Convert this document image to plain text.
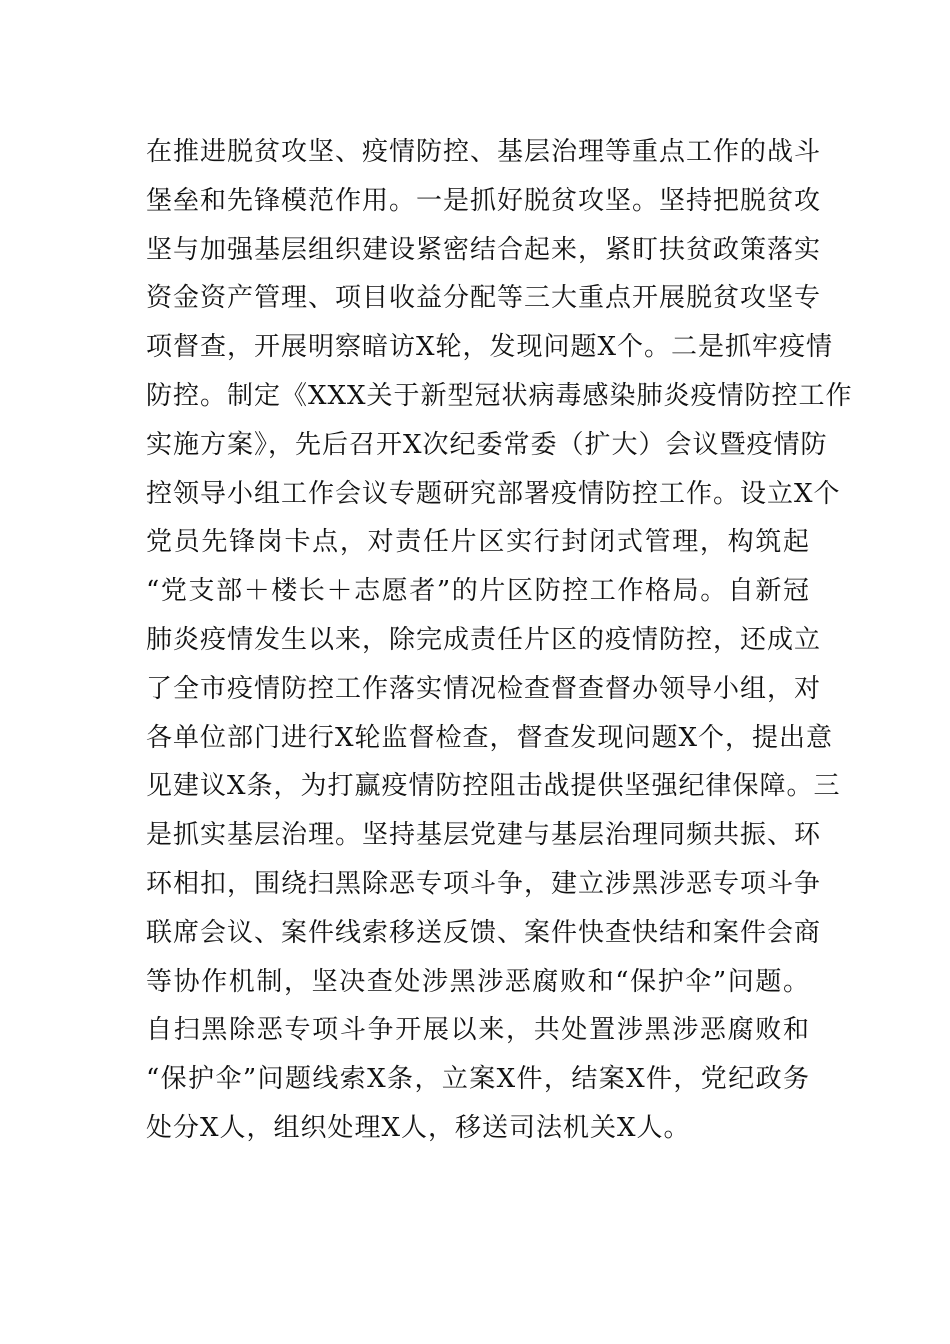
在推进脱贫攻坚、疫情防控、基层治理等重点工作的战斗
堡垒和先锋模范作用。一是抓好脱贫攻坚。坚持把脱贫攻
坚与加强基层组织建设紧密结合起来，紧盯扶贫政策落实
资金资产管理、项目收益分配等三大重点开展脱贫攻坚专
项督查，开展明察暗访X轮，发现问题X个。二是抓牢疫情
防控。制定《XXX关于新型冠状病毒感染肺炎疫情防控工作
实施方案》，先后召开X次纪委常委（扩大）会议暨疫情防
控领导小组工作会议专题研究部署疫情防控工作。设立X个
党员先锋岗卡点，对责任片区实行封闭式管理，构筑起
“党支部＋楼长＋志愿者”的片区防控工作格局。自新冠
肺炎疫情发生以来，除完成责任片区的疫情防控，还成立
了全市疫情防控工作落实情况检查督查督办领导小组，对
各单位部门进行X轮监督检查，督查发现问题X个，提出意
见建议X条，为打赢疫情防控阻击战提供坚强纪律保障。三
是抓实基层治理。坚持基层党建与基层治理同频共振、环
环相扣，围绕扫黑除恶专项斗争，建立涉黑涉恶专项斗争
联席会议、案件线索移送反馈、案件快查快结和案件会商
等协作机制，坚决查处涉黑涉恶腐败和“保护伞”问题。
自扫黑除恶专项斗争开展以来，共处置涉黑涉恶腐败和
“保护伞”问题线索X条，立案X件，结案X件，党纪政务
处分X人，组织处理X人，移送司法机关X人。
